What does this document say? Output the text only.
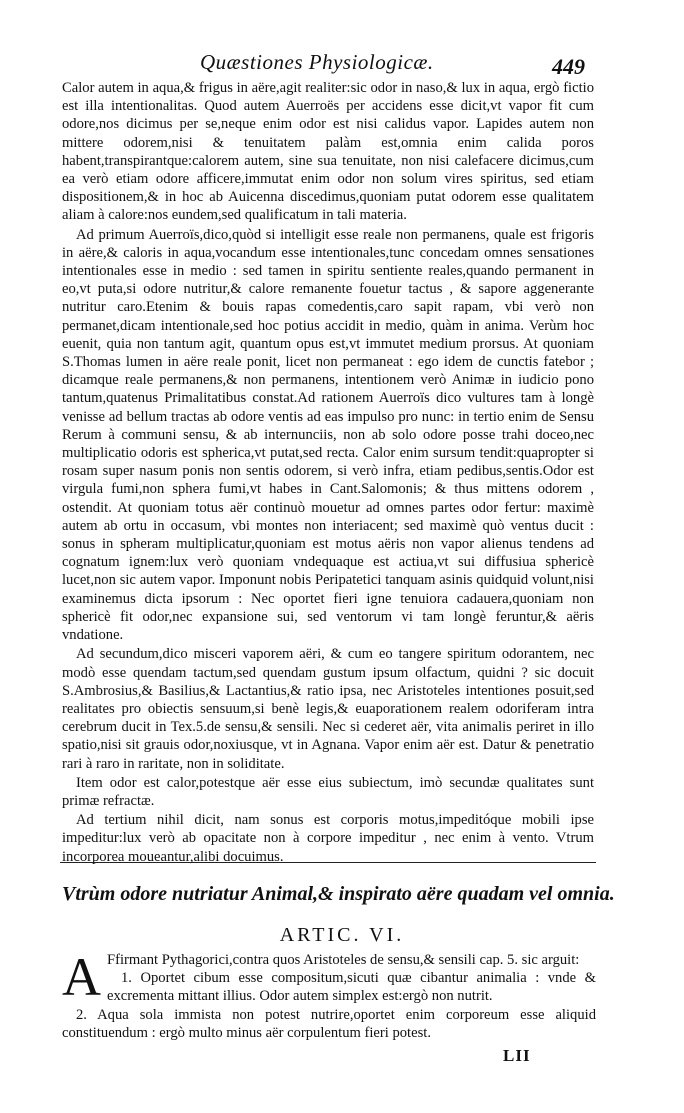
Quæstiones Physiologicæ.	449

Calor autem in aqua,& frigus in aëre,agit realiter:sic odor in naso,& lux in aqua, ergò fictio est illa intentionalitas. Quod autem Auerroës per accidens esse dicit,vt vapor fit cum odore,nos dicimus per se,neque enim odor est nisi calidus vapor. Lapides autem non mittere odorem,nisi & tenuitatem palàm est,omnia enim calida poros habent,transpirantque:calorem autem, sine sua tenuitate, non nisi calefacere dicimus,cum ea verò etiam odore afficere,immutat enim odor non solum vires spiritus, sed etiam dispositionem,& in hoc ab Auicenna discedimus,quoniam putat odorem esse qualitatem aliam à calore:nos eundem,sed qualificatum in tali materia.

Ad primum Auerroïs,dico,quòd si intelligit esse reale non permanens, quale est frigoris in aëre,& caloris in aqua,vocandum esse intentionales,tunc concedam omnes sensationes intentionales esse in medio : sed tamen in spiritu sentiente reales,quando permanent in eo,vt puta,si odore nutritur,& calore remanente fouetur tactus , & sapore aggenerante nutritur caro.Etenim & bouis rapas comedentis,caro sapit rapam, vbi verò non permanet,dicam intentionale,sed hoc potius accidit in medio, quàm in anima. Verùm hoc euenit, quia non tantum agit, quantum opus est,vt immutet medium prorsus. At quoniam S.Thomas lumen in aëre reale ponit, licet non permaneat : ego idem de cunctis fatebor ; dicamque reale permanens,& non permanens, intentionem verò Animæ in iudicio pono tantum,quatenus Primalitatibus constat.Ad rationem Auerroïs dico vultures tam à longè venisse ad bellum tractas ab odore ventis ad eas impulso pro nunc: in tertio enim de Sensu Rerum à communi sensu, & ab internunciis, non ab solo odore posse trahi doceo,nec multiplicatio odoris est spherica,vt putat,sed recta. Calor enim sursum tendit:quapropter si rosam super nasum ponis non sentis odorem, si verò infra, etiam pedibus,sentis.Odor est virgula fumi,non sphera fumi,vt habes in Cant.Salomonis; & thus mittens odorem , ostendit. At quoniam totus aër continuò mouetur ad omnes partes odor fertur: maximè autem ab ortu in occasum, vbi montes non interiacent; sed maximè quò ventus ducit : sonus in spheram multiplicatur,quoniam est motus aëris non vapor alienus tendens ad cognatum ignem:lux verò quoniam vndequaque est actiua,vt sui diffusiua sphericè lucet,non sic autem vapor. Imponunt nobis Peripatetici tanquam asinis quidquid volunt,nisi examinemus dicta ipsorum : Nec oportet fieri igne tenuiora cadauera,quoniam non sphericè fit odor,nec expansione sui, sed ventorum vi tam longè feruntur,& aëris vndatione.

Ad secundum,dico misceri vaporem aëri, & cum eo tangere spiritum odorantem, nec modò esse quendam tactum,sed quendam gustum ipsum olfactum, quidni ? sic docuit S.Ambrosius,& Basilius,& Lactantius,& ratio ipsa, nec Aristoteles intentiones posuit,sed realitates pro obiectis sensuum,si benè legis,& euaporationem realem odoriferam intra cerebrum ducit in Tex.5.de sensu,& sensili. Nec si cederet aër, vita animalis periret in illo spatio,nisi sit grauis odor,noxiusque, vt in Agnana. Vapor enim aër est. Datur & penetratio rari à raro in raritate, non in soliditate.

Item odor est calor,potestque aër esse eius subiectum, imò secundæ qualitates sunt primæ refractæ.

Ad tertium nihil dicit, nam sonus est corporis motus,impeditóque mobili ipse impeditur:lux verò ab opacitate non à corpore impeditur , nec enim à vento. Vtrum incorporea moueantur,alibi docuimus.

Vtrùm odore nutriatur Animal,& inspirato aëre quadam vel omnia.
ARTIC. VI.
A Ffirmant Pythagorici,contra quos Aristoteles de sensu,& sensili cap. 5. sic arguit:

1. Oportet cibum esse compositum,sicuti quæ cibantur animalia : vnde & excrementa mittant illius. Odor autem simplex est:ergò non nutrit.

2. Aqua sola immista non potest nutrire,oportet enim corporeum esse aliquid constituendum : ergò multo minus aër corpulentum fieri potest.

LII
